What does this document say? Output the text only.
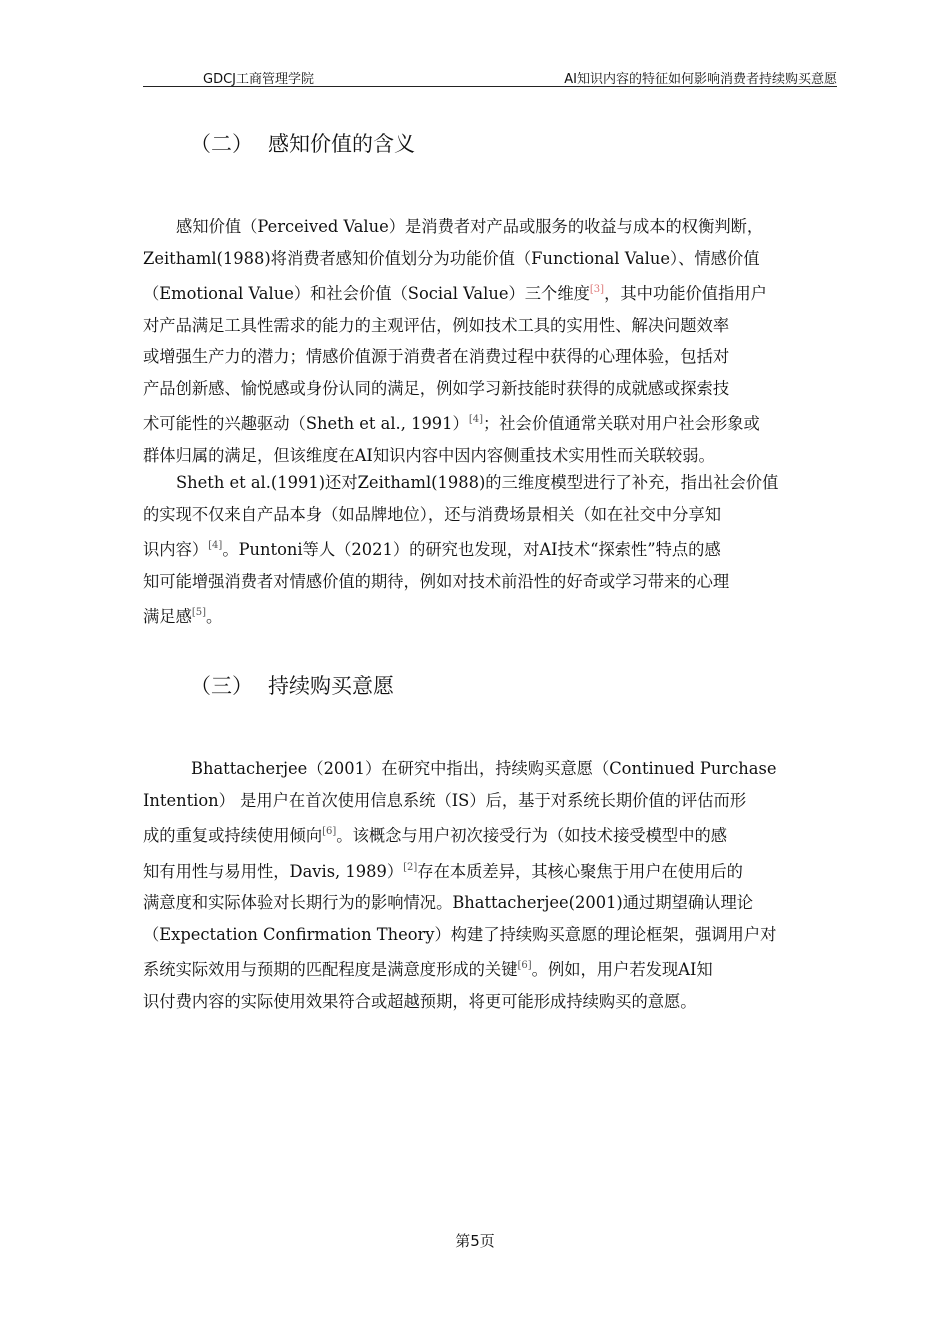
GDCJ工商管理学院	AI知识内容的特征如何影响消费者持续购买意愿
（二） 感知价值的含义
感知价值（Perceived Value）是消费者对产品或服务的收益与成本的权衡判断，
Zeithaml(1988)将消费者感知价值划分为功能价值（Functional Value）、情感价值
（Emotional Value）和社会价值（Social Value）三个维度[3]，其中功能价值指用户
对产品满足工具性需求的能力的主观评估，例如技术工具的实用性、解决问题效率
或增强生产力的潜力；情感价值源于消费者在消费过程中获得的心理体验，包括对
产品创新感、愉悦感或身份认同的满足，例如学习新技能时获得的成就感或探索技
术可能性的兴趣驱动（Sheth et al., 1991）[4]；社会价值通常关联对用户社会形象或
群体归属的满足，但该维度在AI知识内容中因内容侧重技术实用性而关联较弱。
Sheth et al.(1991)还对Zeithaml(1988)的三维度模型进行了补充，指出社会价值
的实现不仅来自产品本身（如品牌地位），还与消费场景相关（如在社交中分享知
识内容）[4]。Puntoni等人（2021）的研究也发现，对AI技术“探索性”特点的感
知可能增强消费者对情感价值的期待，例如对技术前沿性的好奇或学习带来的心理
满足感[5]。
（三） 持续购买意愿
Bhattacherjee（2001）在研究中指出，持续购买意愿（Continued Purchase
Intention） 是用户在首次使用信息系统（IS）后，基于对系统长期价值的评估而形
成的重复或持续使用倾向[6]。该概念与用户初次接受行为（如技术接受模型中的感
知有用性与易用性，Davis, 1989）[2]存在本质差异，其核心聚焦于用户在使用后的
满意度和实际体验对长期行为的影响情况。Bhattacherjee(2001)通过期望确认理论
（Expectation Confirmation Theory）构建了持续购买意愿的理论框架，强调用户对
系统实际效用与预期的匹配程度是满意度形成的关键[6]。例如，用户若发现AI知
识付费内容的实际使用效果符合或超越预期，将更可能形成持续购买的意愿。
第5页
